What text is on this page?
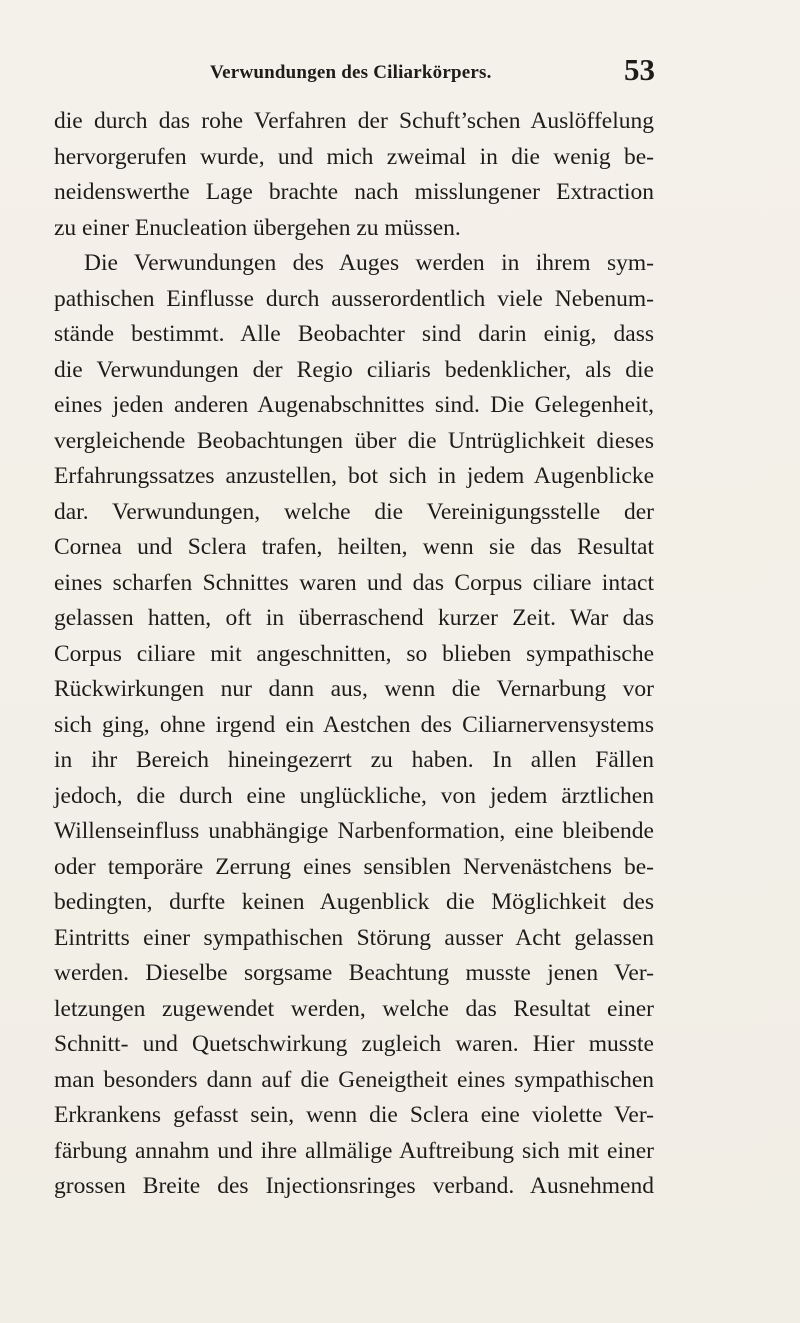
Verwundungen des Ciliarkörpers.	53
die durch das rohe Verfahren der Schuft’schen Auslöffelung
hervorgerufen wurde, und mich zweimal in die wenig be-
neidenswerthe Lage brachte nach misslungener Extraction
zu einer Enucleation übergehen zu müssen.
Die Verwundungen des Auges werden in ihrem sym-
pathischen Einflusse durch ausserordentlich viele Nebenum-
stände bestimmt. Alle Beobachter sind darin einig, dass
die Verwundungen der Regio ciliaris bedenklicher, als die
eines jeden anderen Augenabschnittes sind. Die Gelegenheit,
vergleichende Beobachtungen über die Untrüglichkeit dieses
Erfahrungssatzes anzustellen, bot sich in jedem Augenblicke
dar. Verwundungen, welche die Vereinigungsstelle der
Cornea und Sclera trafen, heilten, wenn sie das Resultat
eines scharfen Schnittes waren und das Corpus ciliare intact
gelassen hatten, oft in überraschend kurzer Zeit. War das
Corpus ciliare mit angeschnitten, so blieben sympathische
Rückwirkungen nur dann aus, wenn die Vernarbung vor
sich ging, ohne irgend ein Aestchen des Ciliarnervensystems
in ihr Bereich hineingezerrt zu haben. In allen Fällen
jedoch, die durch eine unglückliche, von jedem ärztlichen
Willenseinfluss unabhängige Narbenformation, eine bleibende
oder temporäre Zerrung eines sensiblen Nervenästchens be-
bedingten, durfte keinen Augenblick die Möglichkeit des
Eintritts einer sympathischen Störung ausser Acht gelassen
werden. Dieselbe sorgsame Beachtung musste jenen Ver-
letzungen zugewendet werden, welche das Resultat einer
Schnitt- und Quetschwirkung zugleich waren. Hier musste
man besonders dann auf die Geneigtheit eines sympathischen
Erkrankens gefasst sein, wenn die Sclera eine violette Ver-
färbung annahm und ihre allmälige Auftreibung sich mit einer
grossen Breite des Injectionsringes verband. Ausnehmend
